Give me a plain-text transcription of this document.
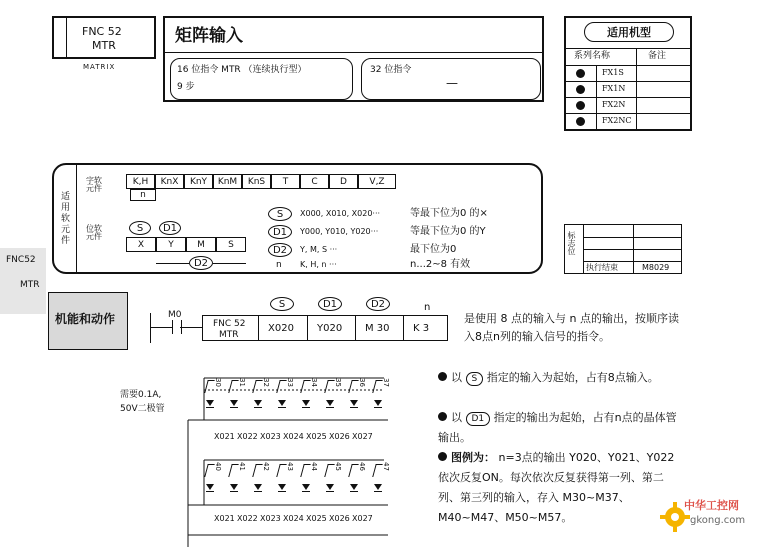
FNC 52
MTR
MATRIX
矩阵输入
16 位指令 MTR （连续执行型）
9 步
32 位指令
—
适用机型
系列名称	备注
FX1S
FX1N
FX2N
FX2NC
适用软元件
字软元件
K,H	KnX	KnY	KnM	KnS	T	C	D	V,Z
n
位软元件
S D1
X	Y	M	S
D2
S X000, X010, X020···	等最下位为0 的×
D1 Y000, Y010, Y020···	等最下位为0 的Y
D2 Y, M, S ···	最下位为0
n K, H, n ···	n...2~8 有效
标志位
执行结束	M8029
FNC52
MTR
机能和动作	M0
FNC 52
MTR
X020 Y020 M 30 K 3
S	D1	D2	n
是使用 8 点的输入与 n 点的输出，按顺序读入8点n列的输入信号的指令。
需要0.1A, 50V二极管
30 31 32 33 34 35 36 37
40 41 42 43 44 45 46 47
X021 X022 X023 X024 X025 X026 X027
X021 X022 X023 X024 X025 X026 X027
以 S 指定的输入为起始，占有8点输入。
以 D1 指定的输出为起始，占有n点的晶体管输出。
图例为： n=3点的输出 Y020、Y021、Y022 依次反复ON。每次依次反复获得第一列、第二列、第三列的输入，存入 M30~M37、M40~M47、M50~M57。
中华工控网
gkong.com
